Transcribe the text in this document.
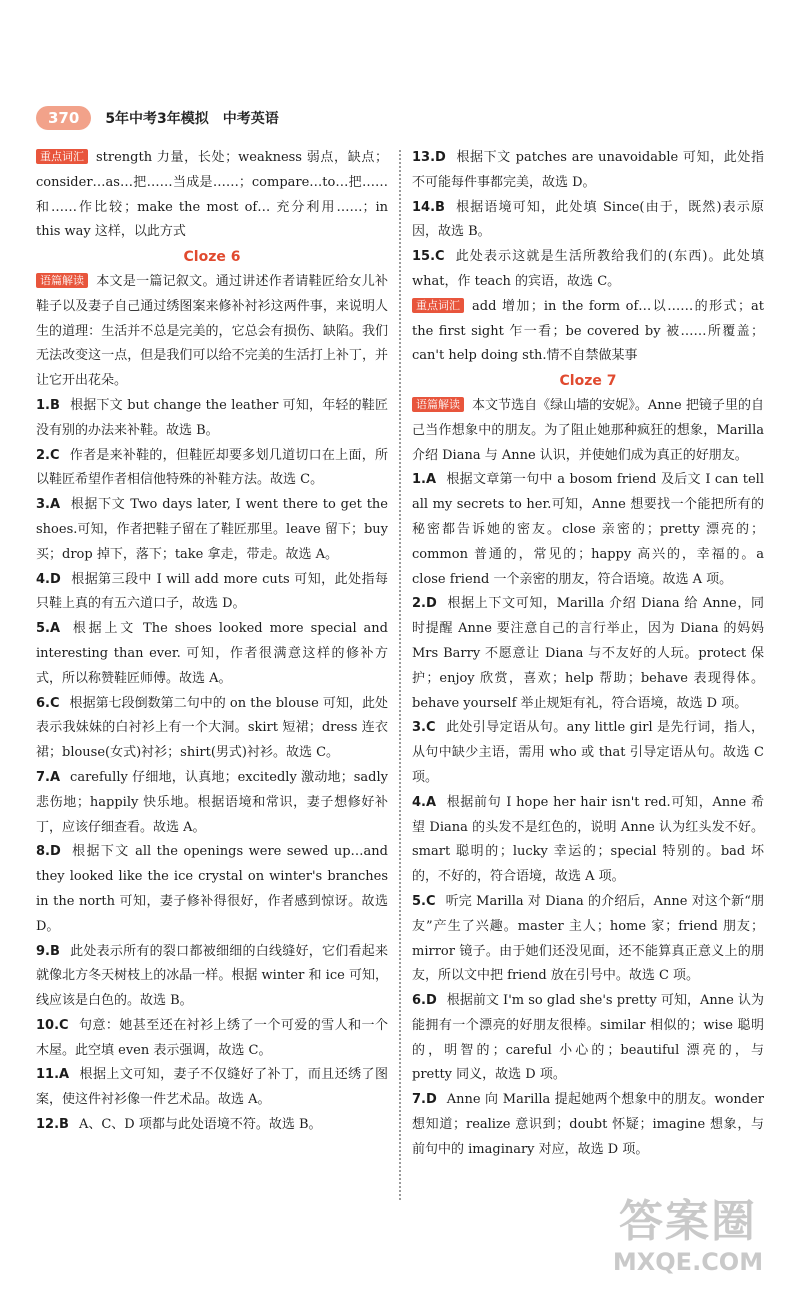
370	5年中考3年模拟　中考英语

重点词汇 strength 力量，长处；weakness 弱点，缺点；consider…as…把……当成是……；compare…to…把……和……作比较；make the most of… 充分利用……；in this way 这样，以此方式

Cloze 6

语篇解读 本文是一篇记叙文。通过讲述作者请鞋匠给女儿补鞋子以及妻子自己通过绣图案来修补衬衫这两件事，来说明人生的道理：生活并不总是完美的，它总会有损伤、缺陷。我们无法改变这一点，但是我们可以给不完美的生活打上补丁，并让它开出花朵。

1.B 根据下文 but change the leather 可知，年轻的鞋匠没有别的办法来补鞋。故选 B。

2.C 作者是来补鞋的，但鞋匠却要多划几道切口在上面，所以鞋匠希望作者相信他特殊的补鞋方法。故选 C。

3.A 根据下文 Two days later, I went there to get the shoes.可知，作者把鞋子留在了鞋匠那里。leave 留下；buy 买；drop 掉下，落下；take 拿走，带走。故选 A。

4.D 根据第三段中 I will add more cuts 可知，此处指每只鞋上真的有五六道口子，故选 D。

5.A 根据上文 The shoes looked more special and interesting than ever. 可知，作者很满意这样的修补方式，所以称赞鞋匠师傅。故选 A。

6.C 根据第七段倒数第二句中的 on the blouse 可知，此处表示我妹妹的白衬衫上有一个大洞。skirt 短裙；dress 连衣裙；blouse(女式)衬衫；shirt(男式)衬衫。故选 C。

7.A carefully 仔细地，认真地；excitedly 激动地；sadly 悲伤地；happily 快乐地。根据语境和常识，妻子想修好补丁，应该仔细查看。故选 A。

8.D 根据下文 all the openings were sewed up…and they looked like the ice crystal on winter's branches in the north 可知，妻子修补得很好，作者感到惊讶。故选 D。

9.B 此处表示所有的裂口都被细细的白线缝好，它们看起来就像北方冬天树枝上的冰晶一样。根据 winter 和 ice 可知，线应该是白色的。故选 B。

10.C 句意：她甚至还在衬衫上绣了一个可爱的雪人和一个木屋。此空填 even 表示强调，故选 C。

11.A 根据上文可知，妻子不仅缝好了补丁，而且还绣了图案，使这件衬衫像一件艺术品。故选 A。

12.B A、C、D 项都与此处语境不符。故选 B。

13.D 根据下文 patches are unavoidable 可知，此处指不可能每件事都完美，故选 D。

14.B 根据语境可知，此处填 Since(由于，既然)表示原因，故选 B。

15.C 此处表示这就是生活所教给我们的(东西)。此处填 what，作 teach 的宾语，故选 C。

重点词汇 add 增加；in the form of…以……的形式；at the first sight 乍一看；be covered by 被……所覆盖；can't help doing sth.情不自禁做某事

Cloze 7

语篇解读 本文节选自《绿山墙的安妮》。Anne 把镜子里的自己当作想象中的朋友。为了阻止她那种疯狂的想象，Marilla 介绍 Diana 与 Anne 认识，并使她们成为真正的好朋友。

1.A 根据文章第一句中 a bosom friend 及后文 I can tell all my secrets to her.可知，Anne 想要找一个能把所有的秘密都告诉她的密友。close 亲密的；pretty 漂亮的；common 普通的，常见的；happy 高兴的，幸福的。a close friend 一个亲密的朋友，符合语境。故选 A 项。

2.D 根据上下文可知，Marilla 介绍 Diana 给 Anne，同时提醒 Anne 要注意自己的言行举止，因为 Diana 的妈妈 Mrs Barry 不愿意让 Diana 与不友好的人玩。protect 保护；enjoy 欣赏，喜欢；help 帮助；behave 表现得体。behave yourself 举止规矩有礼，符合语境，故选 D 项。

3.C 此处引导定语从句。any little girl 是先行词，指人，从句中缺少主语，需用 who 或 that 引导定语从句。故选 C 项。

4.A 根据前句 I hope her hair isn't red.可知，Anne 希望 Diana 的头发不是红色的，说明 Anne 认为红头发不好。smart 聪明的；lucky 幸运的；special 特别的。bad 坏的，不好的，符合语境，故选 A 项。

5.C 听完 Marilla 对 Diana 的介绍后，Anne 对这个新“朋友”产生了兴趣。master 主人；home 家；friend 朋友；mirror 镜子。由于她们还没见面，还不能算真正意义上的朋友，所以文中把 friend 放在引号中。故选 C 项。

6.D 根据前文 I'm so glad she's pretty 可知，Anne 认为能拥有一个漂亮的好朋友很棒。similar 相似的；wise 聪明的，明智的；careful 小心的；beautiful 漂亮的，与 pretty 同义，故选 D 项。

7.D Anne 向 Marilla 提起她两个想象中的朋友。wonder 想知道；realize 意识到；doubt 怀疑；imagine 想象，与前句中的 imaginary 对应，故选 D 项。

答案圈
MXQE.COM
